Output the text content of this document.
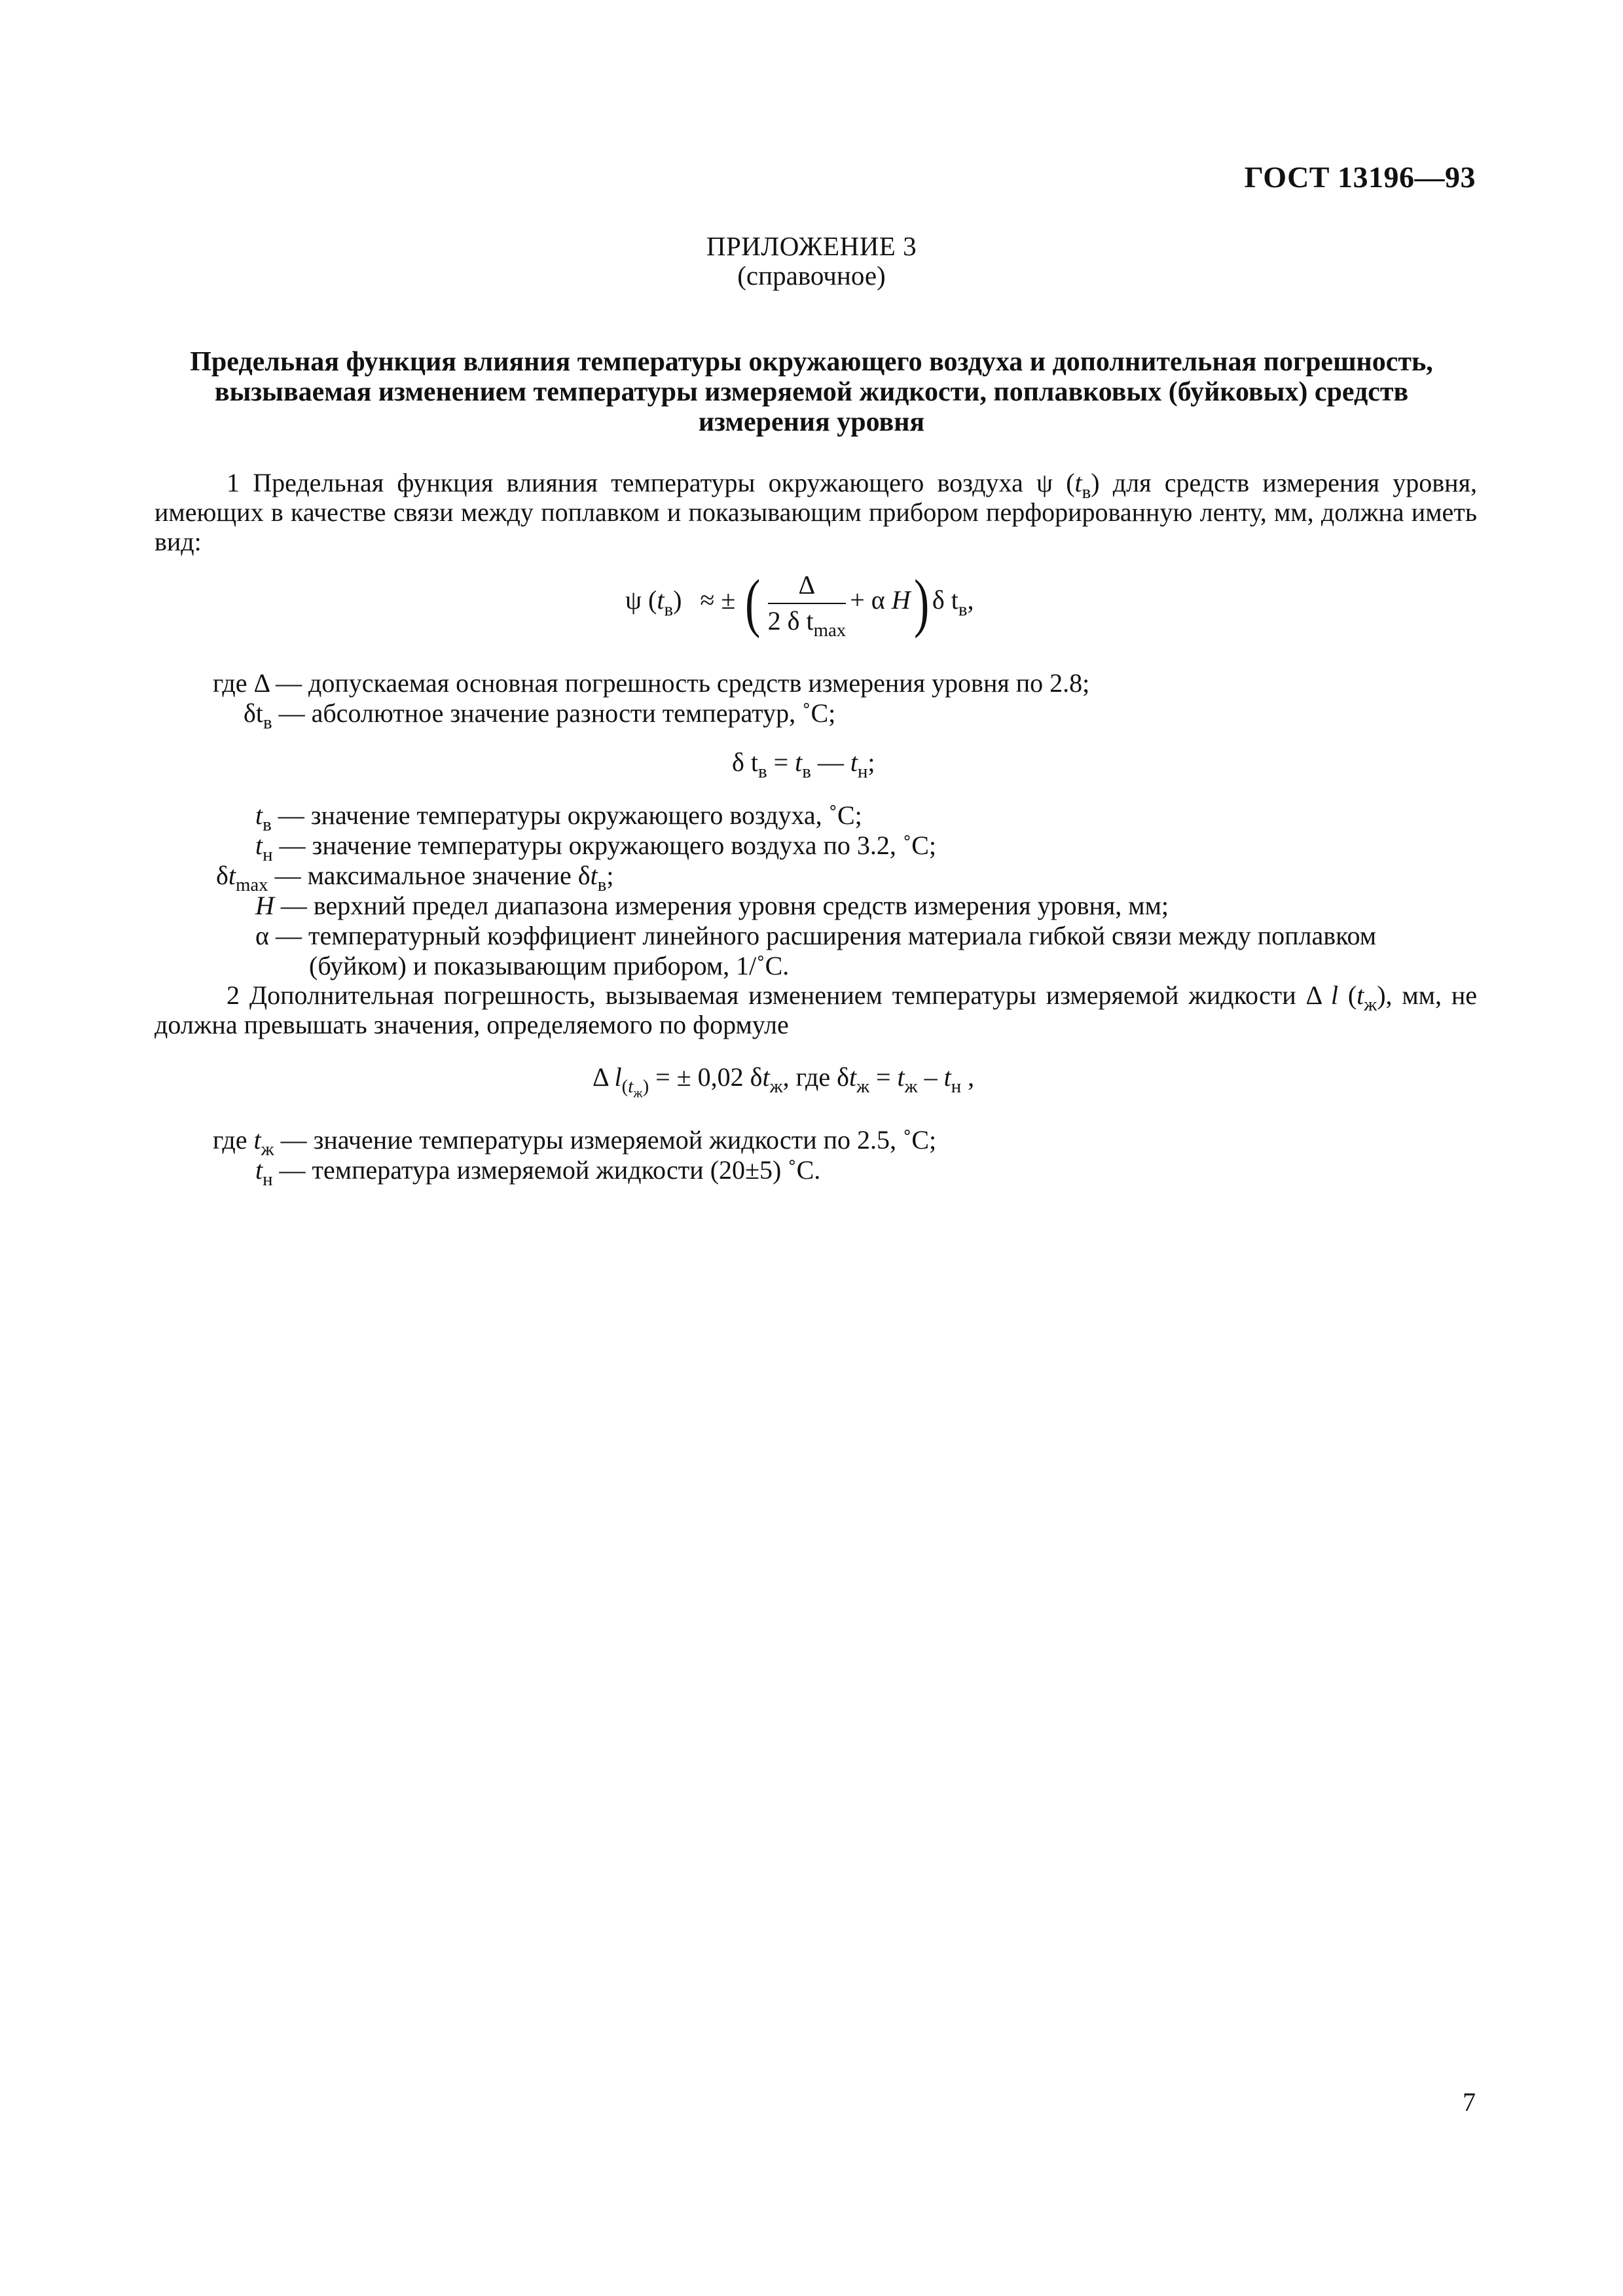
ГОСТ 13196—93
ПРИЛОЖЕНИЕ 3
(справочное)
Предельная функция влияния температуры окружающего воздуха и дополнительная погрешность,
вызываемая изменением температуры измеряемой жидкости, поплавковых (буйковых) средств
измерения уровня

1 Предельная функция влияния температуры окружающего воздуха ψ $(t_в)$ для средств измерения уровня, имеющих в качестве связи между поплавком и показывающим прибором перфорированную ленту, мм, должна иметь вид:

ψ $(t_в)$ ≈ ± ( $\frac{\Delta}{2 \delta t_{max}} + \alpha$ H) δ $t_в$,
где Δ — допускаемая основная погрешность средств измерения уровня по 2.8;
$\delta t_в$ — абсолютное значение разности температур, ˚С;
δ $t_в = t_в$ — $t_н$;
$t_в$ — значение температуры окружающего воздуха, ˚С;
$t_н$ — значение температуры окружающего воздуха по 3.2, ˚С;
$\delta t_{max}$ — максимальное значение $\delta t_в$;
H — верхний предел диапазона измерения уровня средств измерения уровня, мм;
α — температурный коэффициент линейного расширения материала гибкой связи между поплавком
(буйком) и показывающим прибором, 1/˚С.

2 Дополнительная погрешность, вызываемая изменением температуры измеряемой жидкости Δ l $(t_ж)$, мм, не должна превышать значения, определяемого по формуле

Δ $l_{(t_ж)}$ = ± 0,02 $\delta t_ж$, где $\delta t_ж = t_ж - t_н$ ,
где $t_ж$ — значение температуры измеряемой жидкости по 2.5, ˚С;
$t_н$ — температура измеряемой жидкости (20±5) ˚С.
7
